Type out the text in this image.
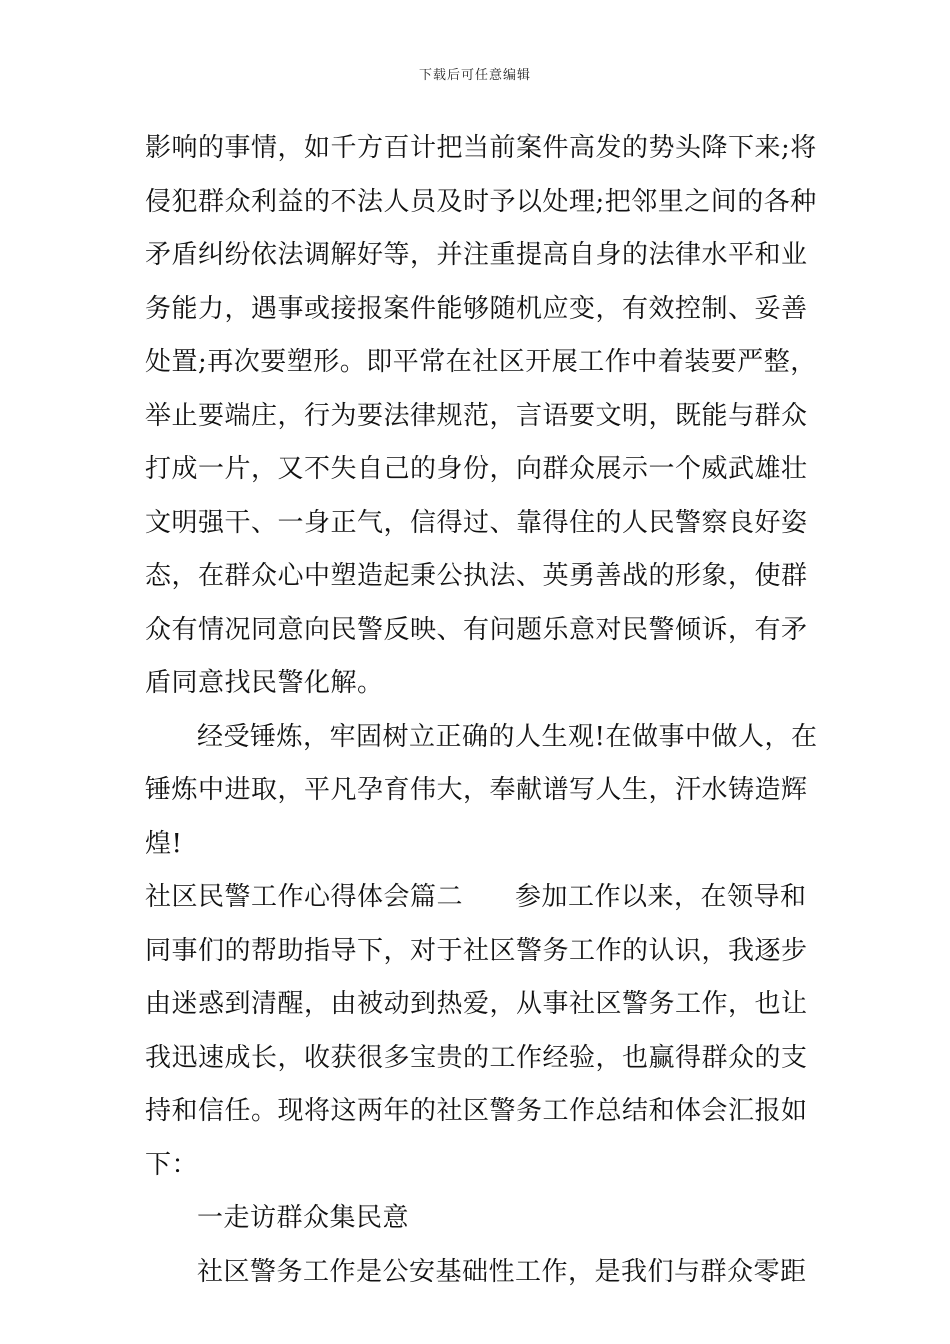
下载后可任意编辑
影响的事情，如千方百计把当前案件高发的势头降下来;将
侵犯群众利益的不法人员及时予以处理;把邻里之间的各种
矛盾纠纷依法调解好等，并注重提高自身的法律水平和业
务能力，遇事或接报案件能够随机应变，有效控制、妥善
处置;再次要塑形。即平常在社区开展工作中着装要严整，
举止要端庄，行为要法律规范，言语要文明，既能与群众
打成一片，又不失自己的身份，向群众展示一个威武雄壮
文明强干、一身正气，信得过、靠得住的人民警察良好姿
态，在群众心中塑造起秉公执法、英勇善战的形象，使群
众有情况同意向民警反映、有问题乐意对民警倾诉，有矛
盾同意找民警化解。
经受锤炼，牢固树立正确的人生观!在做事中做人，在
锤炼中进取，平凡孕育伟大，奉献谱写人生，汗水铸造辉
煌!
社区民警工作心得体会篇二 参加工作以来，在领导和
同事们的帮助指导下，对于社区警务工作的认识，我逐步
由迷惑到清醒，由被动到热爱，从事社区警务工作，也让
我迅速成长，收获很多宝贵的工作经验，也赢得群众的支
持和信任。现将这两年的社区警务工作总结和体会汇报如
下：
一走访群众集民意
社区警务工作是公安基础性工作，是我们与群众零距
